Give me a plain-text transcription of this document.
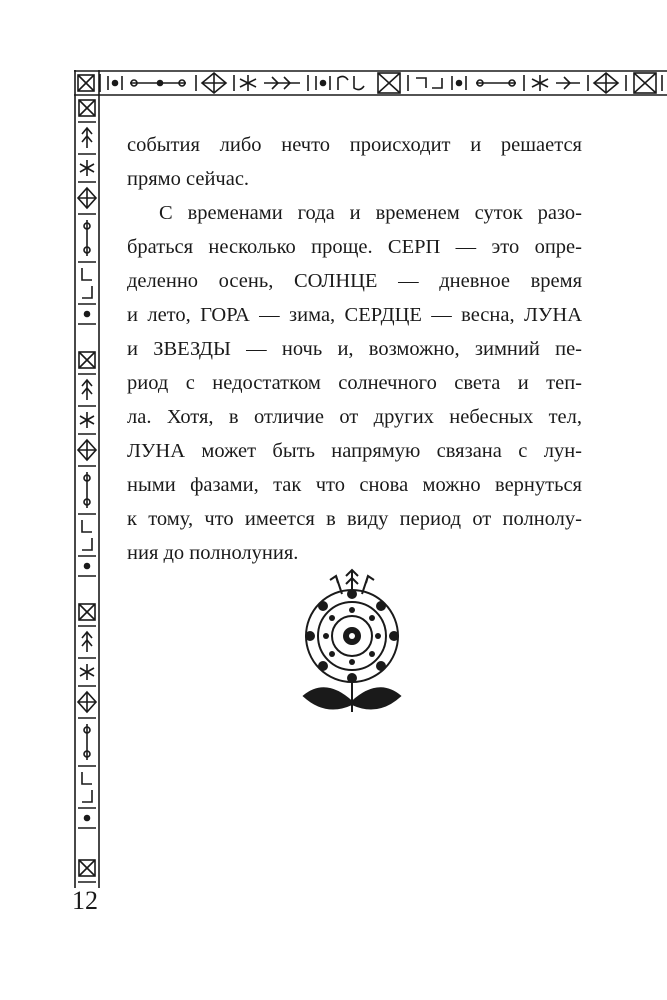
события либо нечто происходит и решается
прямо сейчас.
С временами года и временем суток разо-
браться несколько проще. СЕРП — это опре-
деленно осень, СОЛНЦЕ — дневное время
и лето, ГОРА — зима, СЕРДЦЕ — весна, ЛУНА
и ЗВЕЗДЫ — ночь и, возможно, зимний пе-
риод с недостатком солнечного света и теп-
ла. Хотя, в отличие от других небесных тел,
ЛУНА может быть напрямую связана с лун-
ными фазами, так что снова можно вернуться
к тому, что имеется в виду период от полнолу-
ния до полнолуния.
12
